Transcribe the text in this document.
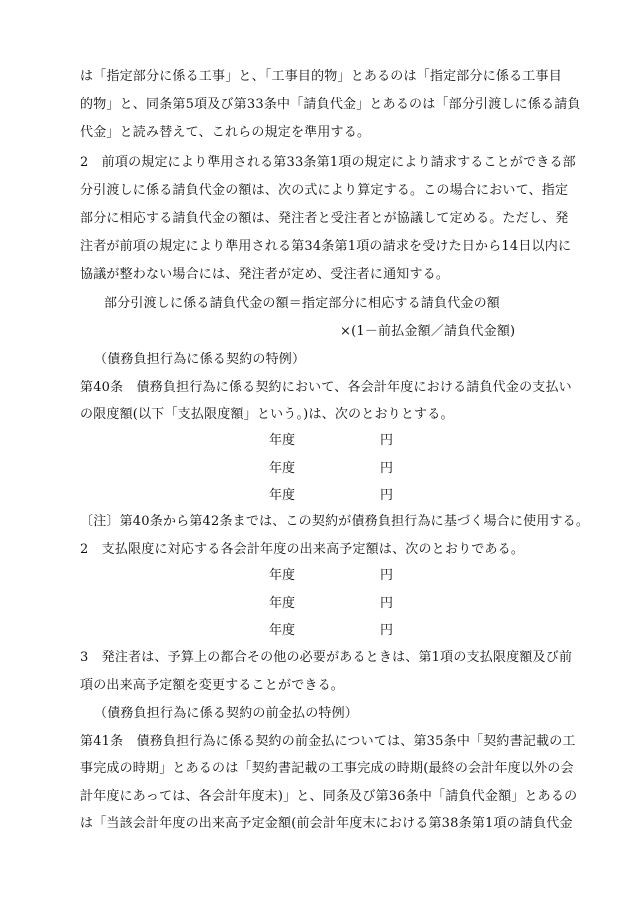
は「指定部分に係る工事」と、「工事目的物」とあるのは「指定部分に係る工事目
的物」と、同条第5項及び第33条中「請負代金」とあるのは「部分引渡しに係る請負
代金」と読み替えて、これらの規定を準用する。
2　前項の規定により準用される第33条第1項の規定により請求することができる部
分引渡しに係る請負代金の額は、次の式により算定する。この場合において、指定
部分に相応する請負代金の額は、発注者と受注者とが協議して定める。ただし、発
注者が前項の規定により準用される第34条第1項の請求を受けた日から14日以内に
協議が整わない場合には、発注者が定め、受注者に通知する。
部分引渡しに係る請負代金の額＝指定部分に相応する請負代金の額
×(1－前払金額／請負代金額)
（債務負担行為に係る契約の特例）
第40条　債務負担行為に係る契約において、各会計年度における請負代金の支払い
の限度額(以下「支払限度額」という。)は、次のとおりとする。
年度	円
年度	円
年度	円
〔注〕第40条から第42条までは、この契約が債務負担行為に基づく場合に使用する。
2　支払限度に対応する各会計年度の出来高予定額は、次のとおりである。
年度	円
年度	円
年度	円
3　発注者は、予算上の都合その他の必要があるときは、第1項の支払限度額及び前
項の出来高予定額を変更することができる。
（債務負担行為に係る契約の前金払の特例）
第41条　債務負担行為に係る契約の前金払については、第35条中「契約書記載の工
事完成の時期」とあるのは「契約書記載の工事完成の時期(最終の会計年度以外の会
計年度にあっては、各会計年度末)」と、同条及び第36条中「請負代金額」とあるの
は「当該会計年度の出来高予定金額(前会計年度末における第38条第1項の請負代金
